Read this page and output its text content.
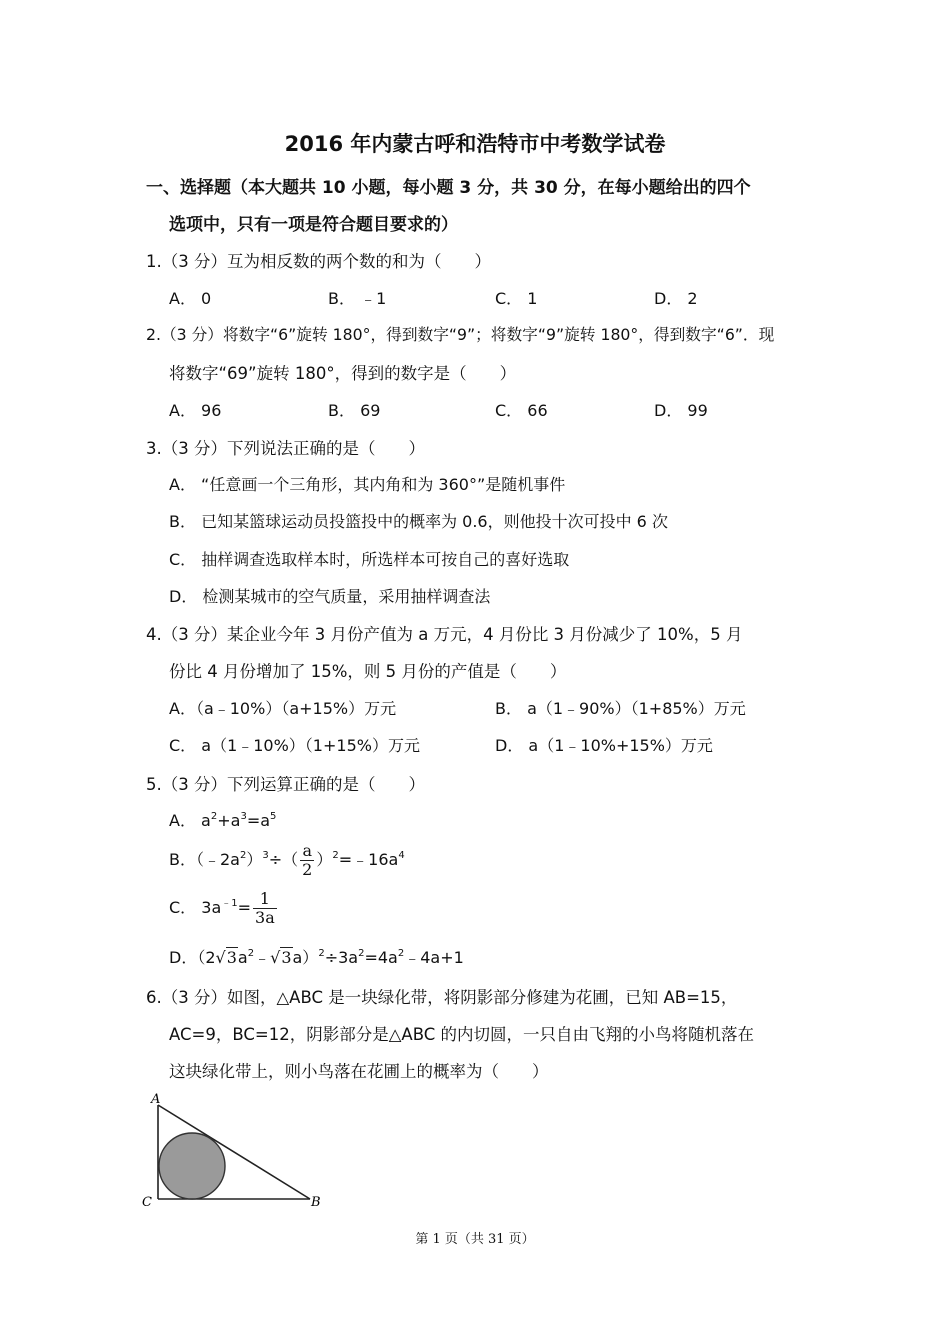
2016 年内蒙古呼和浩特市中考数学试卷
一、选择题（本大题共 10 小题，每小题 3 分，共 30 分，在每小题给出的四个
选项中，只有一项是符合题目要求的）
1.（3 分）互为相反数的两个数的和为（　　）
A． 0	B． ﹣1	C． 1	D． 2
2.（3 分）将数字“6”旋转 180°，得到数字“9”；将数字“9”旋转 180°，得到数字“6”．现
将数字“69”旋转 180°，得到的数字是（　　）
A． 96	B． 69	C． 66	D． 99
3.（3 分）下列说法正确的是（　　）
A． “任意画一个三角形，其内角和为 360°”是随机事件
B． 已知某篮球运动员投篮投中的概率为 0.6，则他投十次可投中 6 次
C． 抽样调查选取样本时，所选样本可按自己的喜好选取
D． 检测某城市的空气质量，采用抽样调查法
4.（3 分）某企业今年 3 月份产值为 a 万元，4 月份比 3 月份减少了 10%，5 月
份比 4 月份增加了 15%，则 5 月份的产值是（　　）
A．（a﹣10%）（a+15%）万元	B． a（1﹣90%）（1+85%）万元
C． a（1﹣10%）（1+15%）万元	D． a（1﹣10%+15%）万元
5.（3 分）下列运算正确的是（　　）
A． $a^2+a^3=a^5$
B．$(﹣2a^2)^3\div( \frac{a}{2}$ ）$^2=﹣16a^4$
C． $3a^{﹣1}= \frac{1}{3a}$
D．$(2√3a^2﹣√3a)^2\div 3a^2=4a^2﹣4a+1$
6.（3 分）如图，△ABC 是一块绿化带，将阴影部分修建为花圃，已知 AB=15，
AC=9，BC=12，阴影部分是△ABC 的内切圆，一只自由飞翔的小鸟将随机落在
这块绿化带上，则小鸟落在花圃上的概率为（　　）
A
C	B
第 1 页（共 31 页）
